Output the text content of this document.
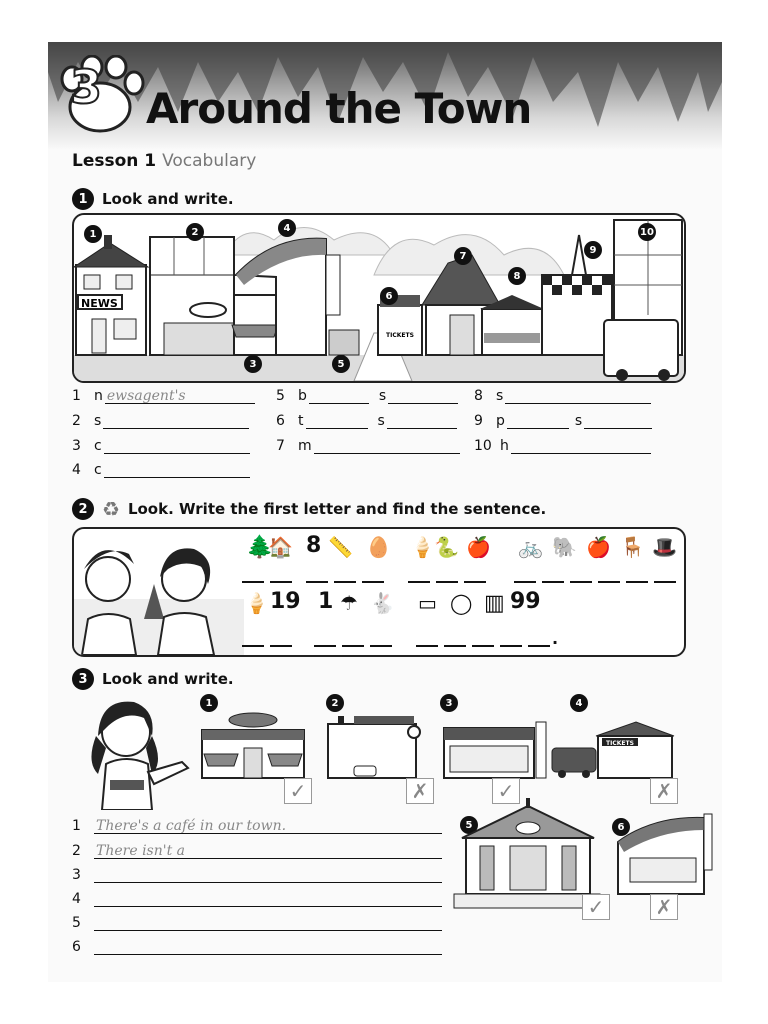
3 Around the Town
Lesson 1 Vocabulary
1 Look and write.
NEWS
TICKETS
1	2
3
4
5
6
7
8
9
10
1 n ewsagent's
2 s
3 c
4 c
5 b	s
6 t	s
7 m
8 s
9 p	s
10 h
2 ♻ Look. Write the first letter and find the sentence.
🌲
🏠 8 📏 🥚 🍦 🐍 🍎 🚲 🐘 🍎 🪑 🎩
🍦 19 1 ☂ 🐇 ▭ ◯ ▥ 99
.
3 Look and write.
1
✓
2
✗
3
✓
4
TICKETS
✗
5
✓
6
✗
1 There's a café in our town.
2 There isn't a
3
4
5
6
